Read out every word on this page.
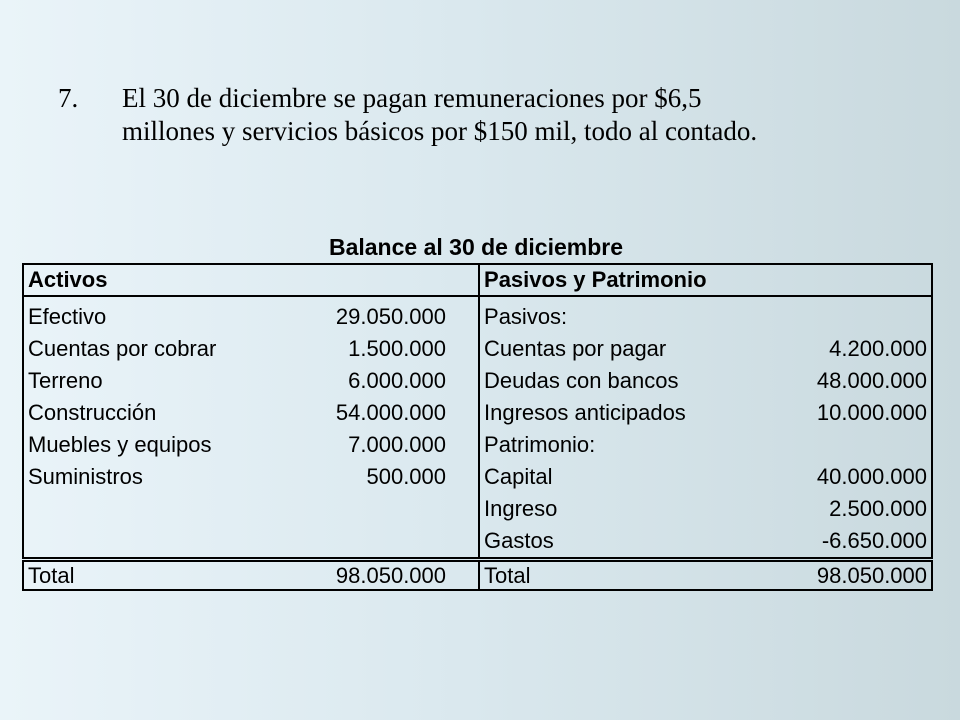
7.	El 30 de diciembre se pagan remuneraciones por $6,5
millones y servicios básicos por $150 mil, todo al contado.
Balance al 30 de diciembre
Activos			Pasivos y Patrimonio	
Efectivo	29.050.000		Pasivos:	
Cuentas por cobrar	1.500.000		Cuentas por pagar	4.200.000
Terreno	6.000.000		Deudas con bancos	48.000.000
Construcción	54.000.000		Ingresos anticipados	10.000.000
Muebles y equipos	7.000.000		Patrimonio:	
Suministros	500.000		Capital	40.000.000
			Ingreso	2.500.000
			Gastos	-6.650.000
Total	98.050.000		Total	98.050.000
